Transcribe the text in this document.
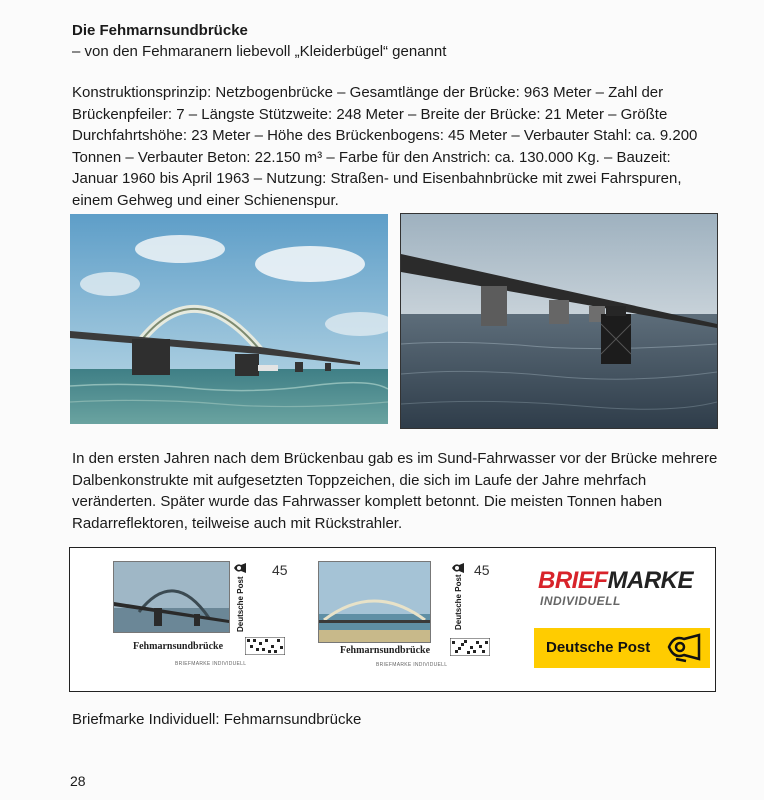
Die Fehmarnsundbrücke
– von den Fehmaranern liebevoll „Kleiderbügel“ genannt

Konstruktionsprinzip: Netzbogenbrücke – Gesamtlänge der Brücke: 963 Meter – Zahl der

Brückenpfeiler: 7 – Längste Stützweite: 248 Meter – Breite der Brücke: 21 Meter – Größte

Durchfahrtshöhe: 23 Meter – Höhe des Brückenbogens: 45 Meter – Verbauter Stahl: ca. 9.200

Tonnen – Verbauter Beton: 22.150 m³ – Farbe für den Anstrich: ca. 130.000 Kg. – Bauzeit:

Januar 1960 bis April 1963 – Nutzung: Straßen- und Eisenbahnbrücke mit zwei Fahrspuren,

einem Gehweg und einer Schienenspur.

In den ersten Jahren nach dem Brückenbau gab es im Sund-Fahrwasser vor der Brücke mehrere

Dalbenkonstrukte mit aufgesetzten Toppzeichen, die sich im Laufe der Jahre mehrfach

veränderten. Später wurde das Fahrwasser komplett betonnt. Die meisten Tonnen haben

Radarreflektoren, teilweise auch mit Rückstrahler.

Fehmarnsundbrücke
BRIEFMARKE INDIVIDUELL
Deutsche Post
45
Fehmarnsundbrücke
BRIEFMARKE INDIVIDUELL
Deutsche Post
45 BRIEFMARKE
INDIVIDUELL
Deutsche Post
Briefmarke Individuell: Fehmarnsundbrücke
28
